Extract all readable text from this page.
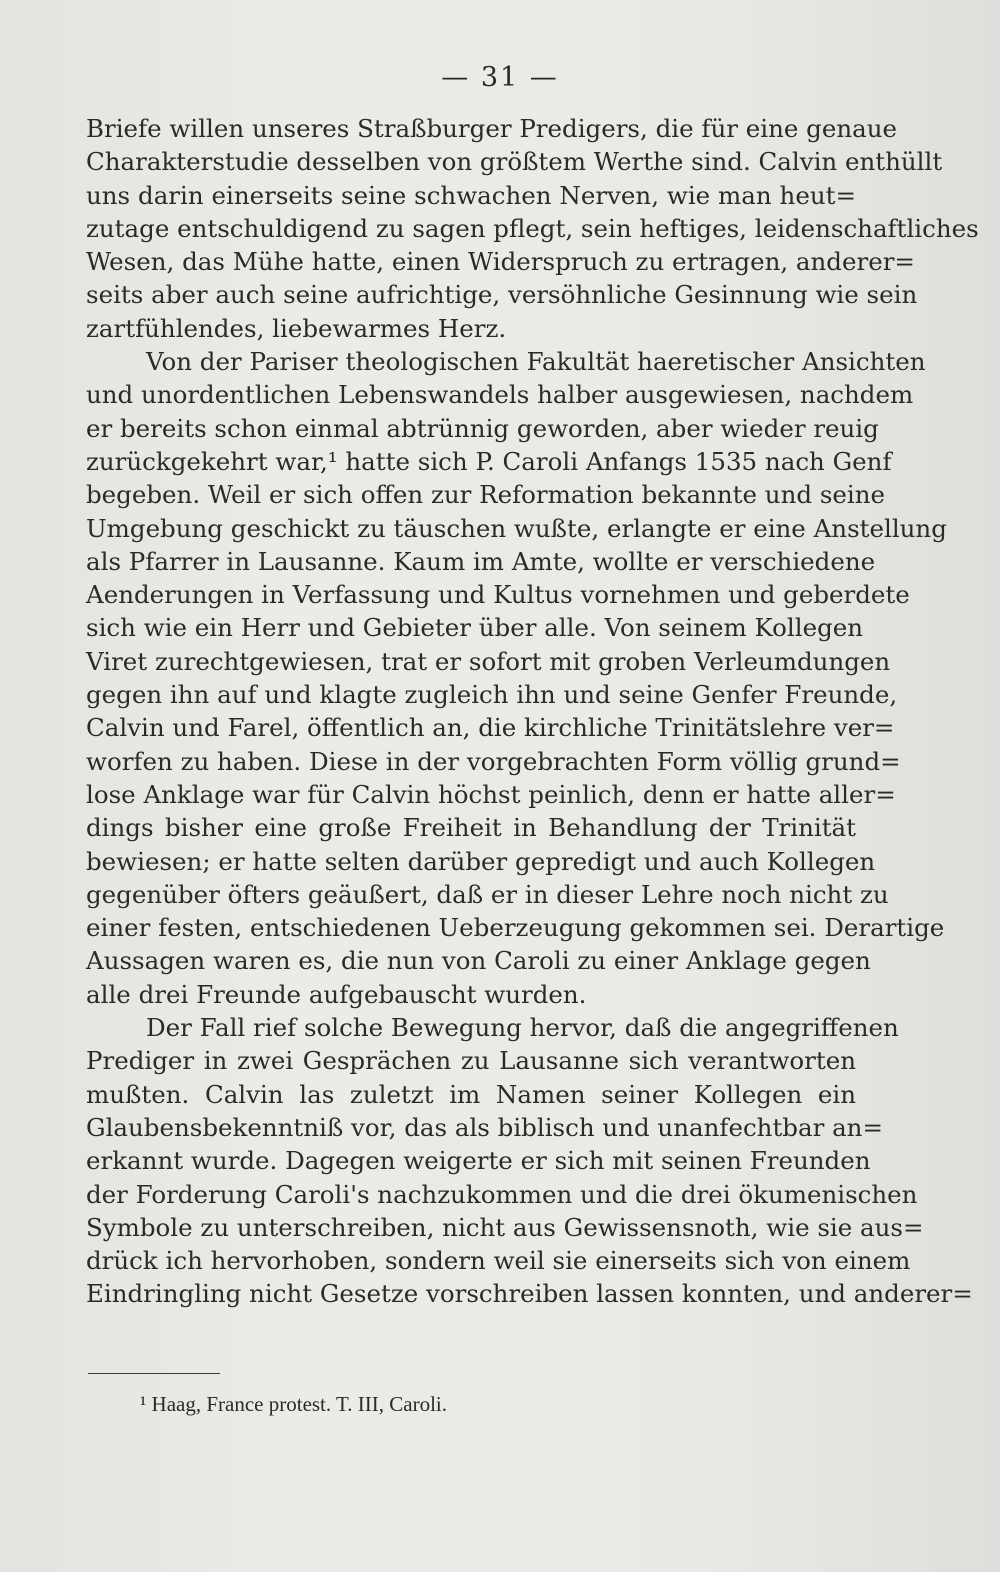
— 31 —
Briefe willen unseres Straßburger Predigers, die für eine genaue
Charakterstudie desselben von größtem Werthe sind. Calvin enthüllt
uns darin einerseits seine schwachen Nerven, wie man heut=
zutage entschuldigend zu sagen pflegt, sein heftiges, leidenschaftliches
Wesen, das Mühe hatte, einen Widerspruch zu ertragen, anderer=
seits aber auch seine aufrichtige, versöhnliche Gesinnung wie sein
zartfühlendes, liebewarmes Herz.
Von der Pariser theologischen Fakultät haeretischer Ansichten
und unordentlichen Lebenswandels halber ausgewiesen, nachdem
er bereits schon einmal abtrünnig geworden, aber wieder reuig
zurückgekehrt war,¹ hatte sich P. Caroli Anfangs 1535 nach Genf
begeben. Weil er sich offen zur Reformation bekannte und seine
Umgebung geschickt zu täuschen wußte, erlangte er eine Anstellung
als Pfarrer in Lausanne. Kaum im Amte, wollte er verschiedene
Aenderungen in Verfassung und Kultus vornehmen und geberdete
sich wie ein Herr und Gebieter über alle. Von seinem Kollegen
Viret zurechtgewiesen, trat er sofort mit groben Verleumdungen
gegen ihn auf und klagte zugleich ihn und seine Genfer Freunde,
Calvin und Farel, öffentlich an, die kirchliche Trinitätslehre ver=
worfen zu haben. Diese in der vorgebrachten Form völlig grund=
lose Anklage war für Calvin höchst peinlich, denn er hatte aller=
dings bisher eine große Freiheit in Behandlung der Trinität
bewiesen; er hatte selten darüber gepredigt und auch Kollegen
gegenüber öfters geäußert, daß er in dieser Lehre noch nicht zu
einer festen, entschiedenen Ueberzeugung gekommen sei. Derartige
Aussagen waren es, die nun von Caroli zu einer Anklage gegen
alle drei Freunde aufgebauscht wurden.
Der Fall rief solche Bewegung hervor, daß die angegriffenen
Prediger in zwei Gesprächen zu Lausanne sich verantworten
mußten. Calvin las zuletzt im Namen seiner Kollegen ein
Glaubensbekenntniß vor, das als biblisch und unanfechtbar an=
erkannt wurde. Dagegen weigerte er sich mit seinen Freunden
der Forderung Caroli's nachzukommen und die drei ökumenischen
Symbole zu unterschreiben, nicht aus Gewissensnoth, wie sie aus=
drück ich hervorhoben, sondern weil sie einerseits sich von einem
Eindringling nicht Gesetze vorschreiben lassen konnten, und anderer=
¹ Haag, France protest. T. III, Caroli.
